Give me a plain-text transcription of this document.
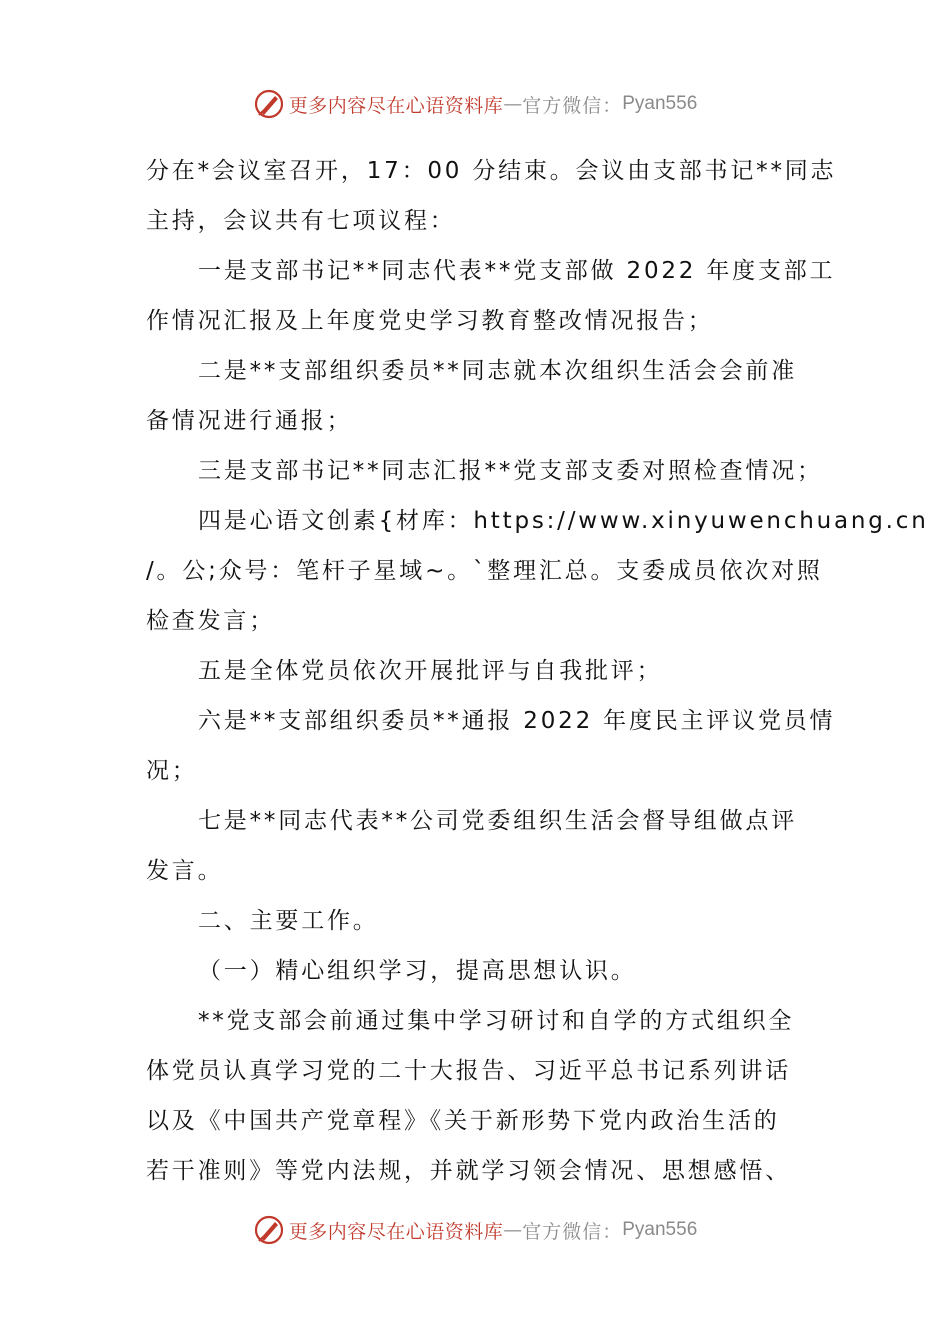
更多内容尽在心语资料库 — 官方微信： Pyan556
分在*会议室召开，17：00 分结束。会议由支部书记**同志
主持，会议共有七项议程：
一是支部书记**同志代表**党支部做 2022 年度支部工
作情况汇报及上年度党史学习教育整改情况报告；
二是**支部组织委员**同志就本次组织生活会会前准
备情况进行通报；
三是支部书记**同志汇报**党支部支委对照检查情况；
四是心语文创素{材库：https://www.xinyuwenchuang.cn
/。公;众号：笔杆子星域~。`整理汇总。支委成员依次对照
检查发言；
五是全体党员依次开展批评与自我批评；
六是**支部组织委员**通报 2022 年度民主评议党员情
况；
七是**同志代表**公司党委组织生活会督导组做点评
发言。
二、主要工作。
（一）精心组织学习，提高思想认识。
**党支部会前通过集中学习研讨和自学的方式组织全
体党员认真学习党的二十大报告、习近平总书记系列讲话
以及《中国共产党章程》《关于新形势下党内政治生活的
若干准则》等党内法规，并就学习领会情况、思想感悟、
更多内容尽在心语资料库 — 官方微信： Pyan556
